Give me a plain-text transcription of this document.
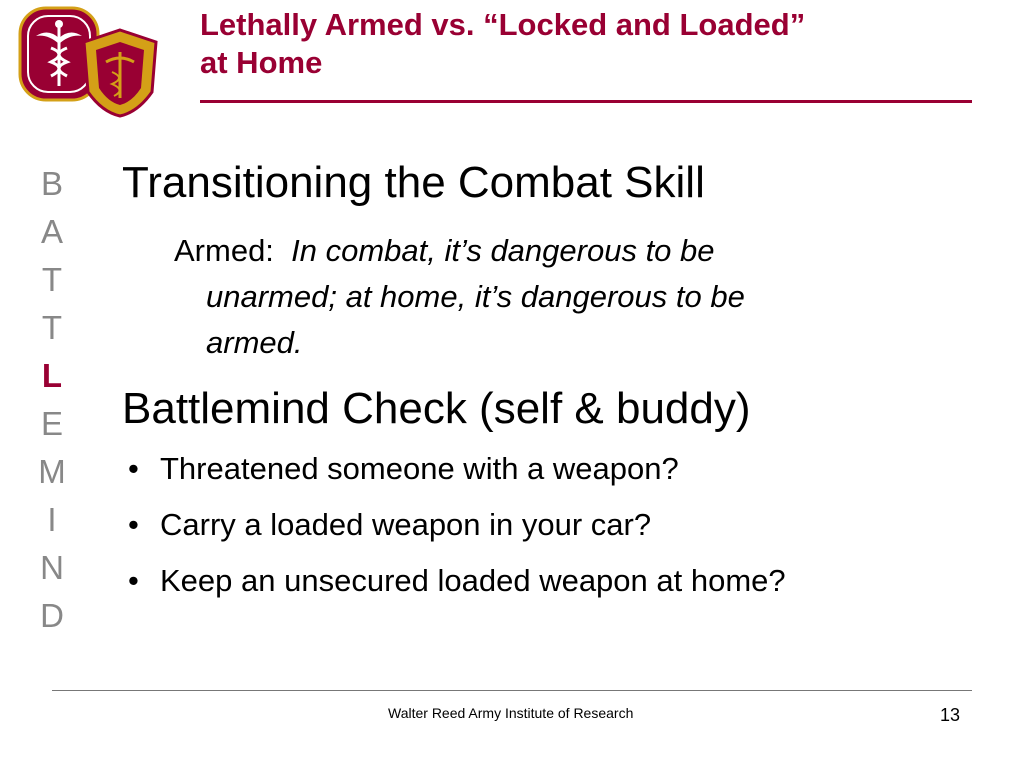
Lethally Armed vs. “Locked and Loaded”
at Home
B
A
T
T
L
E
M
I
N
D
Transitioning the Combat Skill
Armed: In combat, it’s dangerous to be
unarmed; at home, it’s dangerous to be
armed.
Battlemind Check (self & buddy)
• Threatened someone with a weapon?
• Carry a loaded weapon in your car?
• Keep an unsecured loaded weapon at home?
Walter Reed Army Institute of Research	13
